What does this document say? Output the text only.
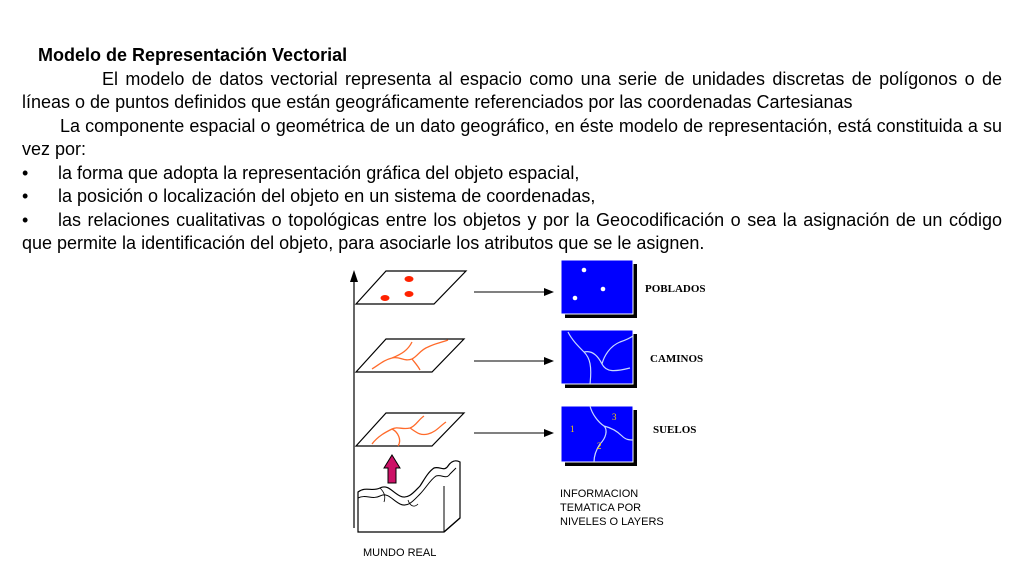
Modelo de Representación Vectorial
El modelo de datos vectorial representa al espacio como una serie de unidades discretas de polígonos o de líneas o de puntos definidos que están geográficamente referenciados por las coordenadas Cartesianas
La componente espacial o geométrica de un dato geográfico, en éste modelo de representación, está constituida a su vez por:
•	la forma que adopta la representación gráfica del objeto espacial,
•	la posición o localización del objeto en un sistema de coordenadas,
• las relaciones cualitativas o topológicas entre los objetos y por la Geocodificación o sea la asignación de un código que permite la identificación del objeto, para asociarle los atributos que se le asignen.
1
2
3
POBLADOS
CAMINOS
SUELOS
INFORMACION
TEMATICA POR
NIVELES O LAYERS
MUNDO REAL
